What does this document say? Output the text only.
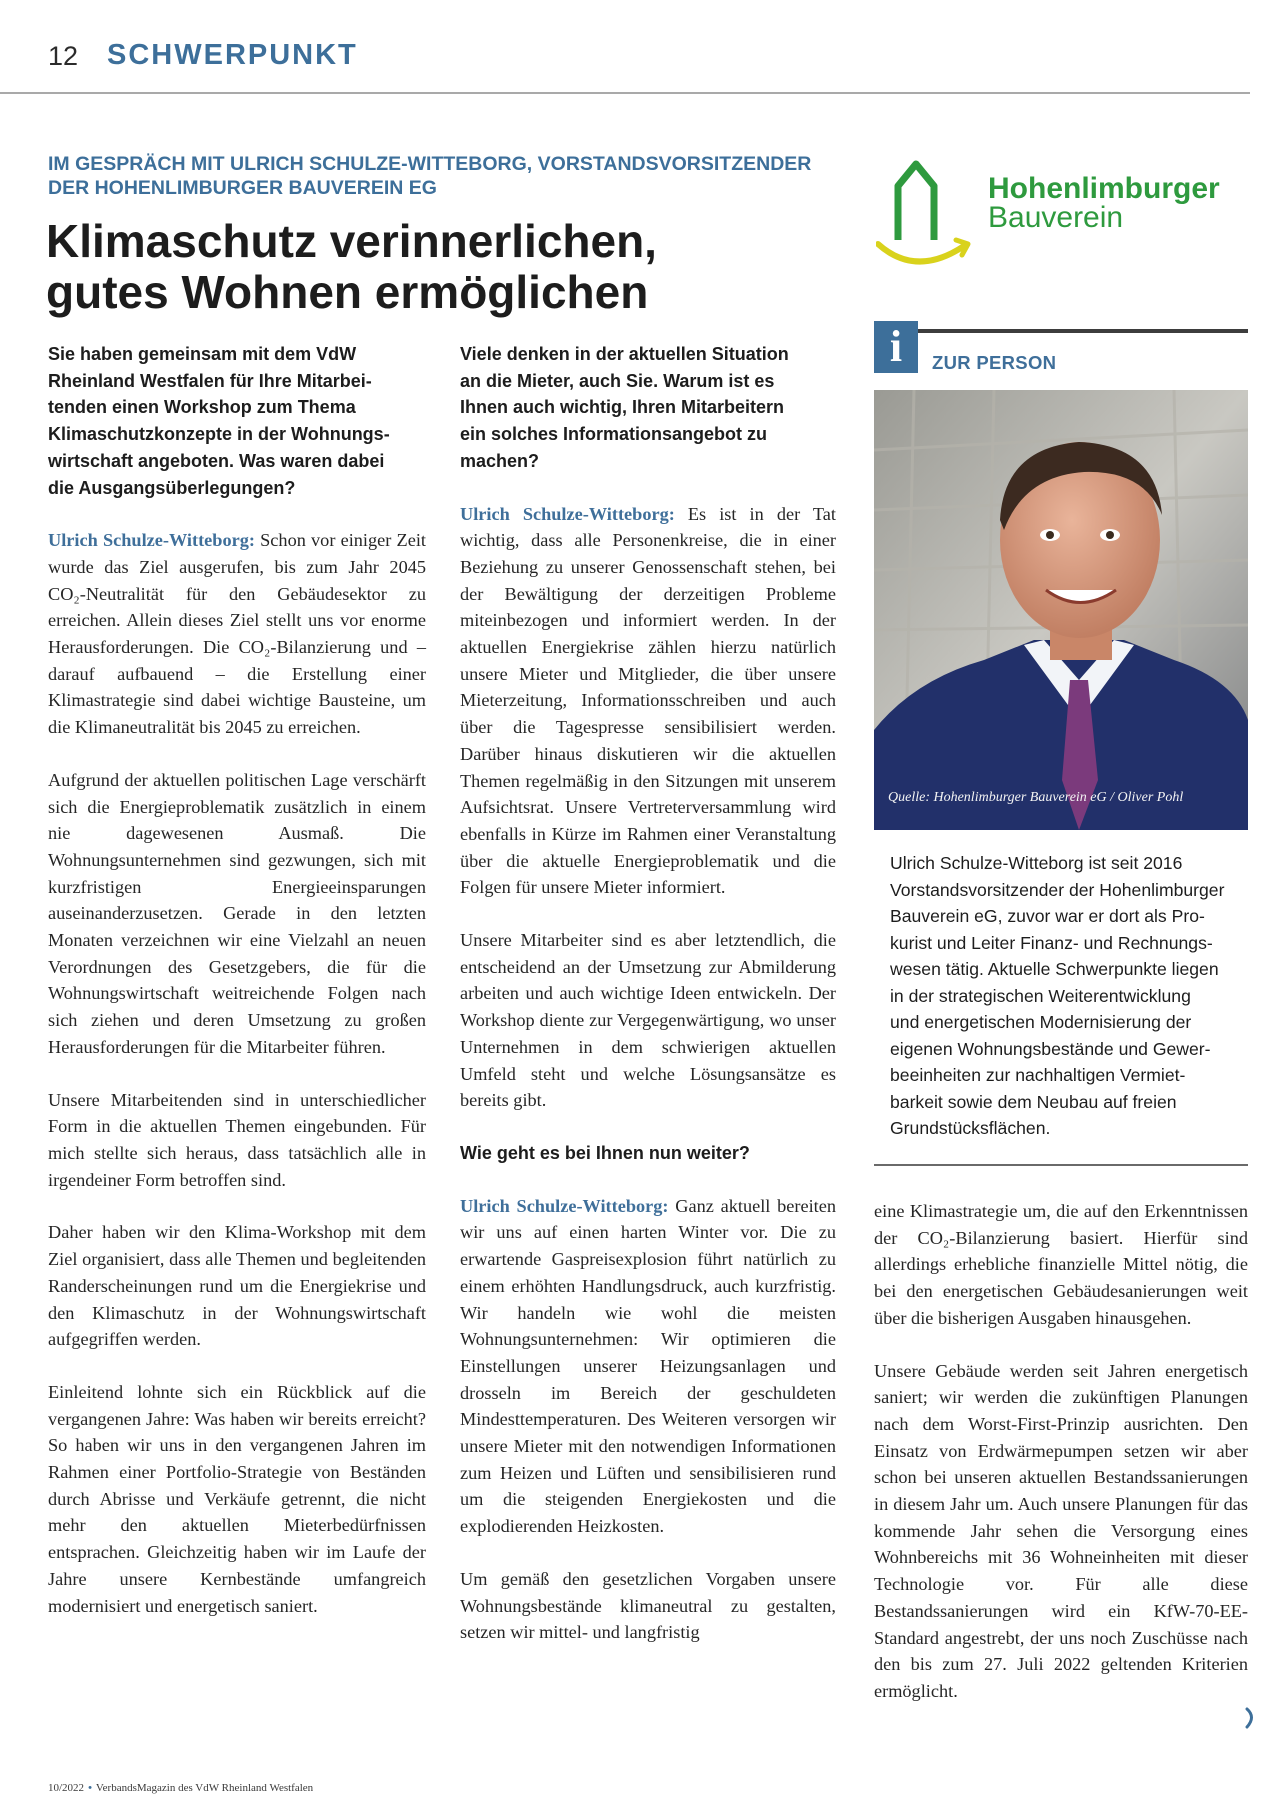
12 SCHWERPUNKT
IM GESPRÄCH MIT ULRICH SCHULZE-WITTEBORG, VORSTANDSVORSITZENDER
DER HOHENLIMBURGER BAUVEREIN EG
Klimaschutz verinnerlichen,
gutes Wohnen ermöglichen
Hohenlimburger
Bauverein
Sie haben gemeinsam mit dem VdW
Rheinland Westfalen für Ihre Mitarbei-
tenden einen Workshop zum Thema
Klimaschutzkonzepte in der Wohnungs-
wirtschaft angeboten. Was waren dabei
die Ausgangsüberlegungen?

Ulrich Schulze-Witteborg: Schon vor einiger Zeit wurde das Ziel ausgerufen, bis zum Jahr 2045 CO₂-Neutralität für den Gebäudesektor zu erreichen. Allein dieses Ziel stellt uns vor enorme Herausforderungen. Die CO₂-Bilanzierung und – darauf aufbauend – die Erstellung einer Klimastrategie sind dabei wichtige Bausteine, um die Klimaneutralität bis 2045 zu erreichen.

Aufgrund der aktuellen politischen Lage verschärft sich die Energieproblematik zusätzlich in einem nie dagewesenen Ausmaß. Die Wohnungsunternehmen sind gezwungen, sich mit kurzfristigen Energieeinsparungen auseinanderzusetzen. Gerade in den letzten Monaten verzeichnen wir eine Vielzahl an neuen Verordnungen des Gesetzgebers, die für die Wohnungswirtschaft weitreichende Folgen nach sich ziehen und deren Umsetzung zu großen Herausforderungen für die Mitarbeiter führen.

Unsere Mitarbeitenden sind in unterschiedlicher Form in die aktuellen Themen eingebunden. Für mich stellte sich heraus, dass tatsächlich alle in irgendeiner Form betroffen sind.

Daher haben wir den Klima-Workshop mit dem Ziel organisiert, dass alle Themen und begleitenden Randerscheinungen rund um die Energiekrise und den Klimaschutz in der Wohnungswirtschaft aufgegriffen werden.

Einleitend lohnte sich ein Rückblick auf die vergangenen Jahre: Was haben wir bereits erreicht? So haben wir uns in den vergangenen Jahren im Rahmen einer Portfolio-Strategie von Beständen durch Abrisse und Verkäufe getrennt, die nicht mehr den aktuellen Mieterbedürfnissen entsprachen. Gleichzeitig haben wir im Laufe der Jahre unsere Kernbestände umfangreich modernisiert und energetisch saniert.

Viele denken in der aktuellen Situation
an die Mieter, auch Sie. Warum ist es
Ihnen auch wichtig, Ihren Mitarbeitern
ein solches Informationsangebot zu
machen?

Ulrich Schulze-Witteborg: Es ist in der Tat wichtig, dass alle Personenkreise, die in einer Beziehung zu unserer Genossenschaft stehen, bei der Bewältigung der derzeitigen Probleme miteinbezogen und informiert werden. In der aktuellen Energiekrise zählen hierzu natürlich unsere Mieter und Mitglieder, die über unsere Mieterzeitung, Informationsschreiben und auch über die Tagespresse sensibilisiert werden. Darüber hinaus diskutieren wir die aktuellen Themen regelmäßig in den Sitzungen mit unserem Aufsichtsrat. Unsere Vertreterversammlung wird ebenfalls in Kürze im Rahmen einer Veranstaltung über die aktuelle Energieproblematik und die Folgen für unsere Mieter informiert.

Unsere Mitarbeiter sind es aber letztendlich, die entscheidend an der Umsetzung zur Abmilderung arbeiten und auch wichtige Ideen entwickeln. Der Workshop diente zur Vergegenwärtigung, wo unser Unternehmen in dem schwierigen aktuellen Umfeld steht und welche Lösungsansätze es bereits gibt.

Wie geht es bei Ihnen nun weiter?

Ulrich Schulze-Witteborg: Ganz aktuell bereiten wir uns auf einen harten Winter vor. Die zu erwartende Gaspreisexplosion führt natürlich zu einem erhöhten Handlungsdruck, auch kurzfristig. Wir handeln wie wohl die meisten Wohnungsunternehmen: Wir optimieren die Einstellungen unserer Heizungsanlagen und drosseln im Bereich der geschuldeten Mindesttemperaturen. Des Weiteren versorgen wir unsere Mieter mit den notwendigen Informationen zum Heizen und Lüften und sensibilisieren rund um die steigenden Energiekosten und die explodierenden Heizkosten.

Um gemäß den gesetzlichen Vorgaben unsere Wohnungsbestände klimaneutral zu gestalten, setzen wir mittel- und langfristig

i	ZUR PERSON
Quelle: Hohenlimburger Bauverein eG / Oliver Pohl
Ulrich Schulze-Witteborg ist seit 2016
Vorstandsvorsitzender der Hohenlimburger
Bauverein eG, zuvor war er dort als Pro-
kurist und Leiter Finanz- und Rechnungs-
wesen tätig. Aktuelle Schwerpunkte liegen
in der strategischen Weiterentwicklung
und energetischen Modernisierung der
eigenen Wohnungsbestände und Gewer-
beeinheiten zur nachhaltigen Vermiet-
barkeit sowie dem Neubau auf freien
Grundstücksflächen.

eine Klimastrategie um, die auf den Erkenntnissen der CO₂-Bilanzierung basiert. Hierfür sind allerdings erhebliche finanzielle Mittel nötig, die bei den energetischen Gebäudesanierungen weit über die bisherigen Ausgaben hinausgehen.

Unsere Gebäude werden seit Jahren energetisch saniert; wir werden die zukünftigen Planungen nach dem Worst-First-Prinzip ausrichten. Den Einsatz von Erdwärmepumpen setzen wir aber schon bei unseren aktuellen Bestandssanierungen in diesem Jahr um. Auch unsere Planungen für das kommende Jahr sehen die Versorgung eines Wohnbereichs mit 36 Wohneinheiten mit dieser Technologie vor. Für alle diese Bestandssanierungen wird ein KfW-70-EE-Standard angestrebt, der uns noch Zuschüsse nach den bis zum 27. Juli 2022 geltenden Kriterien ermöglicht.

10/2022 • VerbandsMagazin des VdW Rheinland Westfalen
